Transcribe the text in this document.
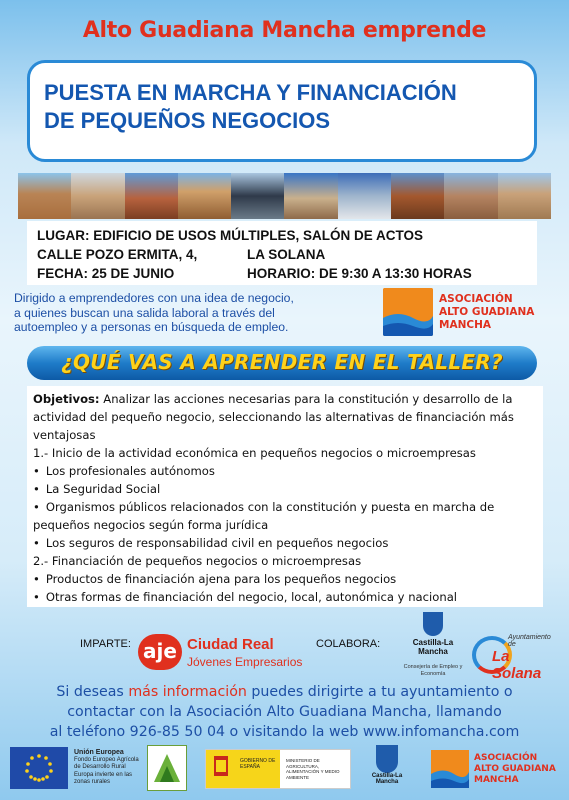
Alto Guadiana Mancha emprende
PUESTA EN MARCHA Y FINANCIACIÓN
DE PEQUEÑOS NEGOCIOS
LUGAR: EDIFICIO DE USOS MÚLTIPLES, SALÓN DE ACTOS
CALLE POZO ERMITA, 4,	LA SOLANA
FECHA: 25 DE JUNIO	HORARIO: DE 9:30 A 13:30 HORAS
Dirigido a emprendedores con una idea de negocio,
a quienes buscan una salida laboral a través del
autoempleo y a personas en búsqueda de empleo.
ASOCIACIÓN
ALTO GUADIANA
MANCHA
¿QUÉ VAS A APRENDER EN EL TALLER?
Objetivos: Analizar las acciones necesarias para la constitución y desarrollo de la actividad del pequeño negocio, seleccionando las alternativas de financiación más ventajosas
1.- Inicio de la actividad económica en pequeños negocios o microempresas
• Los profesionales autónomos
• La Seguridad Social
• Organismos públicos relacionados con la constitución y puesta en marcha de pequeños negocios según forma jurídica
• Los seguros de responsabilidad civil en pequeños negocios
2.- Financiación de pequeños negocios o microempresas
• Productos de financiación ajena para los pequeños negocios
• Otras formas de financiación del negocio, local, autonómica y nacional
IMPARTE: aje Ciudad Real
Jóvenes Empresarios
COLABORA:	Castilla-La Mancha
Consejería de Empleo y Economía
Ayuntamiento de
La Solana
Si deseas más información puedes dirigirte a tu ayuntamiento o
contactar con la Asociación Alto Guadiana Mancha, llamando
al teléfono 926-85 50 04 o visitando la web www.infomancha.com
Unión Europea
Fondo Europeo Agrícola de Desarrollo Rural
Europa invierte en las zonas rurales
GOBIERNO DE ESPAÑA
MINISTERIO DE AGRICULTURA, ALIMENTACIÓN Y MEDIO AMBIENTE	Castilla-La Mancha
ASOCIACIÓN
ALTO GUADIANA
MANCHA
